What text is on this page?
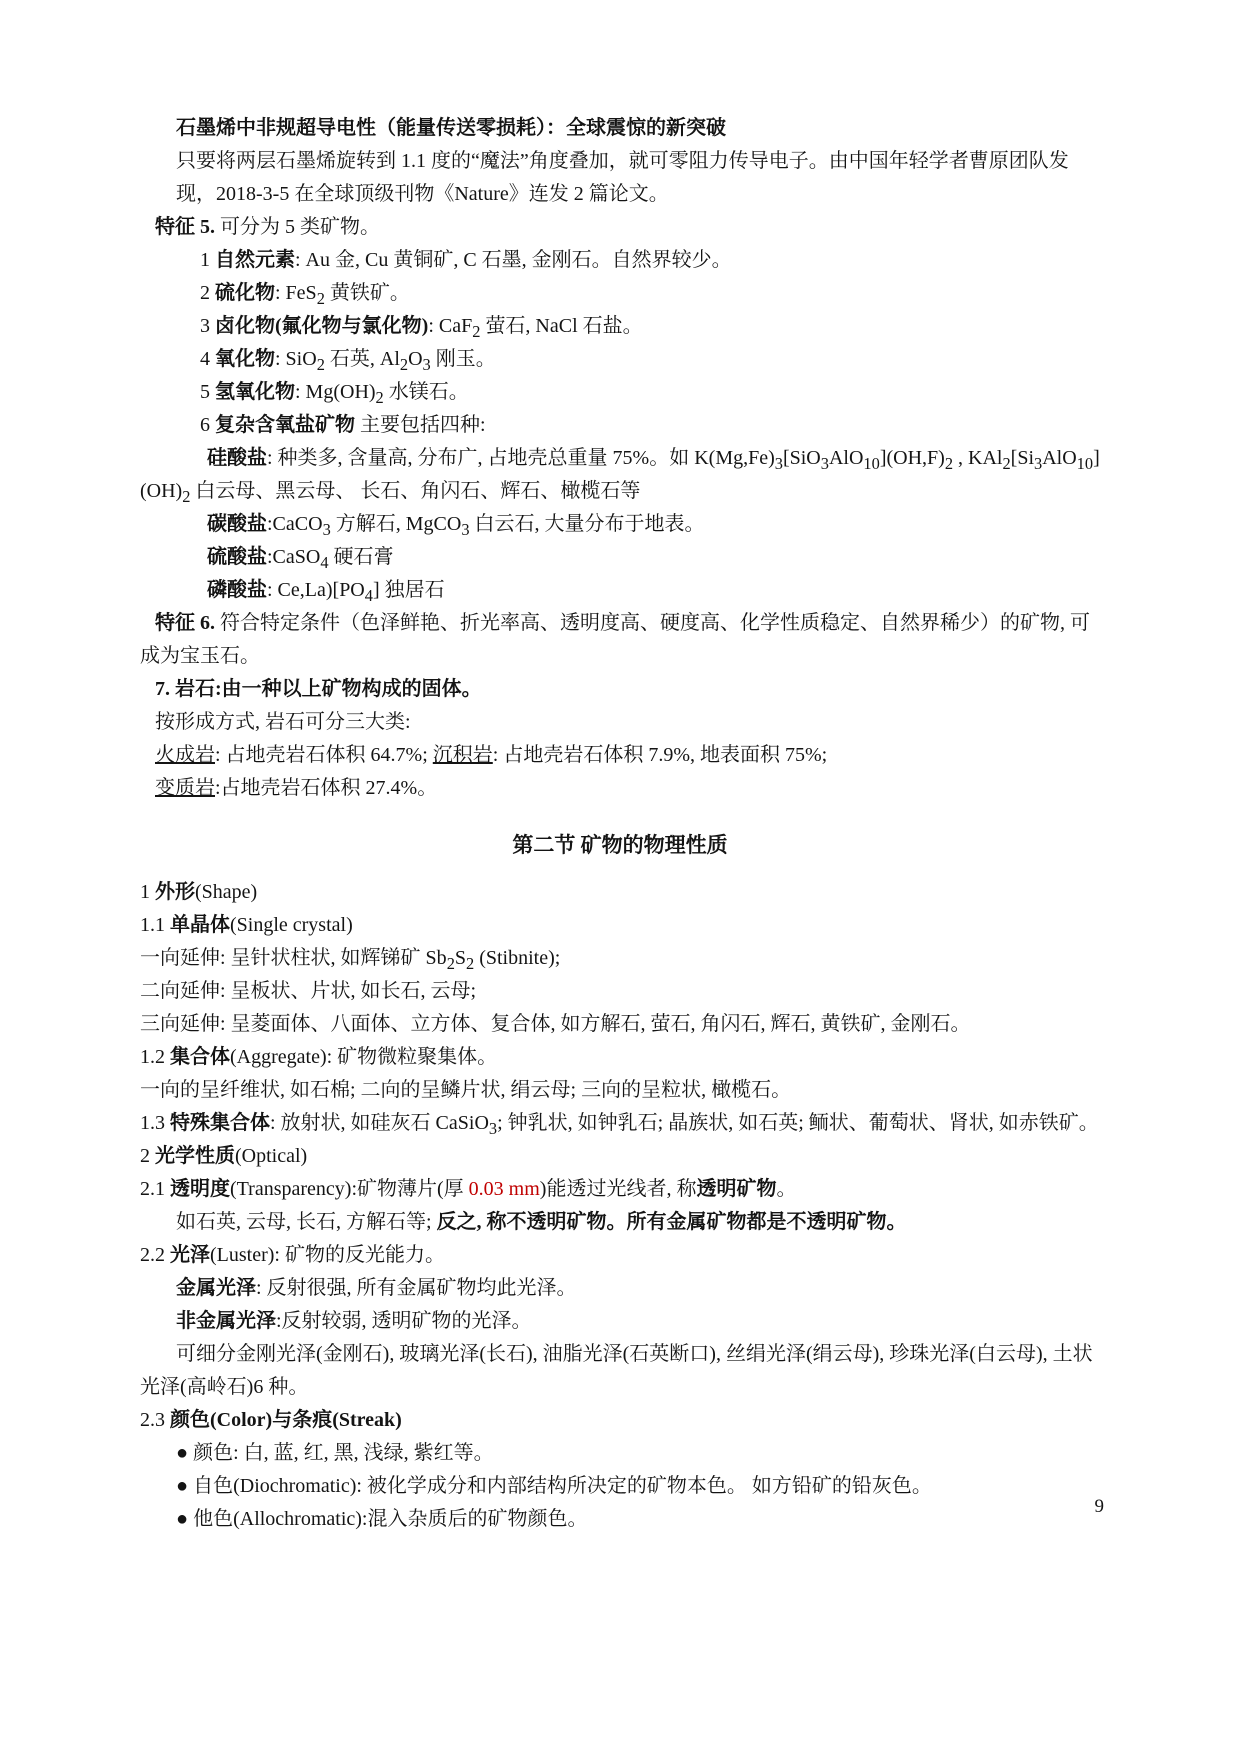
石墨烯中非规超导电性（能量传送零损耗）：全球震惊的新突破
只要将两层石墨烯旋转到 1.1 度的“魔法”角度叠加，就可零阻力传导电子。由中国年轻学者曹原团队发现，2018-3-5 在全球顶级刊物《Nature》连发 2 篇论文。
特征 5. 可分为 5 类矿物。
1 自然元素: Au 金, Cu 黄铜矿, C 石墨, 金刚石。自然界较少。
2 硫化物: FeS$_2$ 黄铁矿。
3 卤化物(氟化物与氯化物): CaF$_2$ 萤石, NaCl 石盐。
4 氧化物: SiO$_2$ 石英, $Al_2O_3$ 刚玉。
5 氢氧化物: $Mg(OH)_2$ 水镁石。
6 复杂含氧盐矿物 主要包括四种:
硅酸盐: 种类多, 含量高, 分布广, 占地壳总重量 75%。如 $K(Mg,Fe)_3[SiO_3AlO_{10}](OH,F)_2$ , $KAl_2[Si_3AlO_{10}](OH)_2$ 白云母、黑云母、 长石、角闪石、辉石、橄榄石等
碳酸盐:CaCO$_3$ 方解石, MgCO$_3$ 白云石, 大量分布于地表。
硫酸盐:CaSO$_4$ 硬石膏
磷酸盐: $Ce,La)[PO_4]$ 独居石
特征 6. 符合特定条件（色泽鲜艳、折光率高、透明度高、硬度高、化学性质稳定、自然界稀少）的矿物, 可成为宝玉石。
7. 岩石:由一种以上矿物构成的固体。
按形成方式, 岩石可分三大类:
火成岩: 占地壳岩石体积 64.7%; 沉积岩: 占地壳岩石体积 7.9%, 地表面积 75%;
变质岩:占地壳岩石体积 27.4%。
第二节 矿物的物理性质
1 外形(Shape)
1.1 单晶体(Single crystal)
一向延伸: 呈针状柱状, 如辉锑矿 $Sb_2S_2$ (Stibnite);
二向延伸: 呈板状、片状, 如长石, 云母;
三向延伸: 呈菱面体、八面体、立方体、复合体, 如方解石, 萤石, 角闪石, 辉石, 黄铁矿, 金刚石。
1.2 集合体(Aggregate): 矿物微粒聚集体。
一向的呈纤维状, 如石棉; 二向的呈鳞片状, 绢云母; 三向的呈粒状, 橄榄石。
1.3 特殊集合体: 放射状, 如硅灰石 CaSiO$_3$; 钟乳状, 如钟乳石; 晶族状, 如石英; 鲕状、葡萄状、肾状, 如赤铁矿。
2 光学性质(Optical)
2.1 透明度(Transparency):矿物薄片(厚 0.03 mm)能透过光线者, 称透明矿物。
如石英, 云母, 长石, 方解石等; 反之, 称不透明矿物。所有金属矿物都是不透明矿物。
2.2 光泽(Luster): 矿物的反光能力。
金属光泽: 反射很强, 所有金属矿物均此光泽。
非金属光泽:反射较弱, 透明矿物的光泽。
可细分金刚光泽(金刚石), 玻璃光泽(长石), 油脂光泽(石英断口), 丝绢光泽(绢云母), 珍珠光泽(白云母), 土状光泽(高岭石)6 种。
2.3 颜色(Color)与条痕(Streak)
● 颜色: 白, 蓝, 红, 黑, 浅绿, 紫红等。
● 自色(Diochromatic): 被化学成分和内部结构所决定的矿物本色。 如方铅矿的铅灰色。
● 他色(Allochromatic):混入杂质后的矿物颜色。
9
